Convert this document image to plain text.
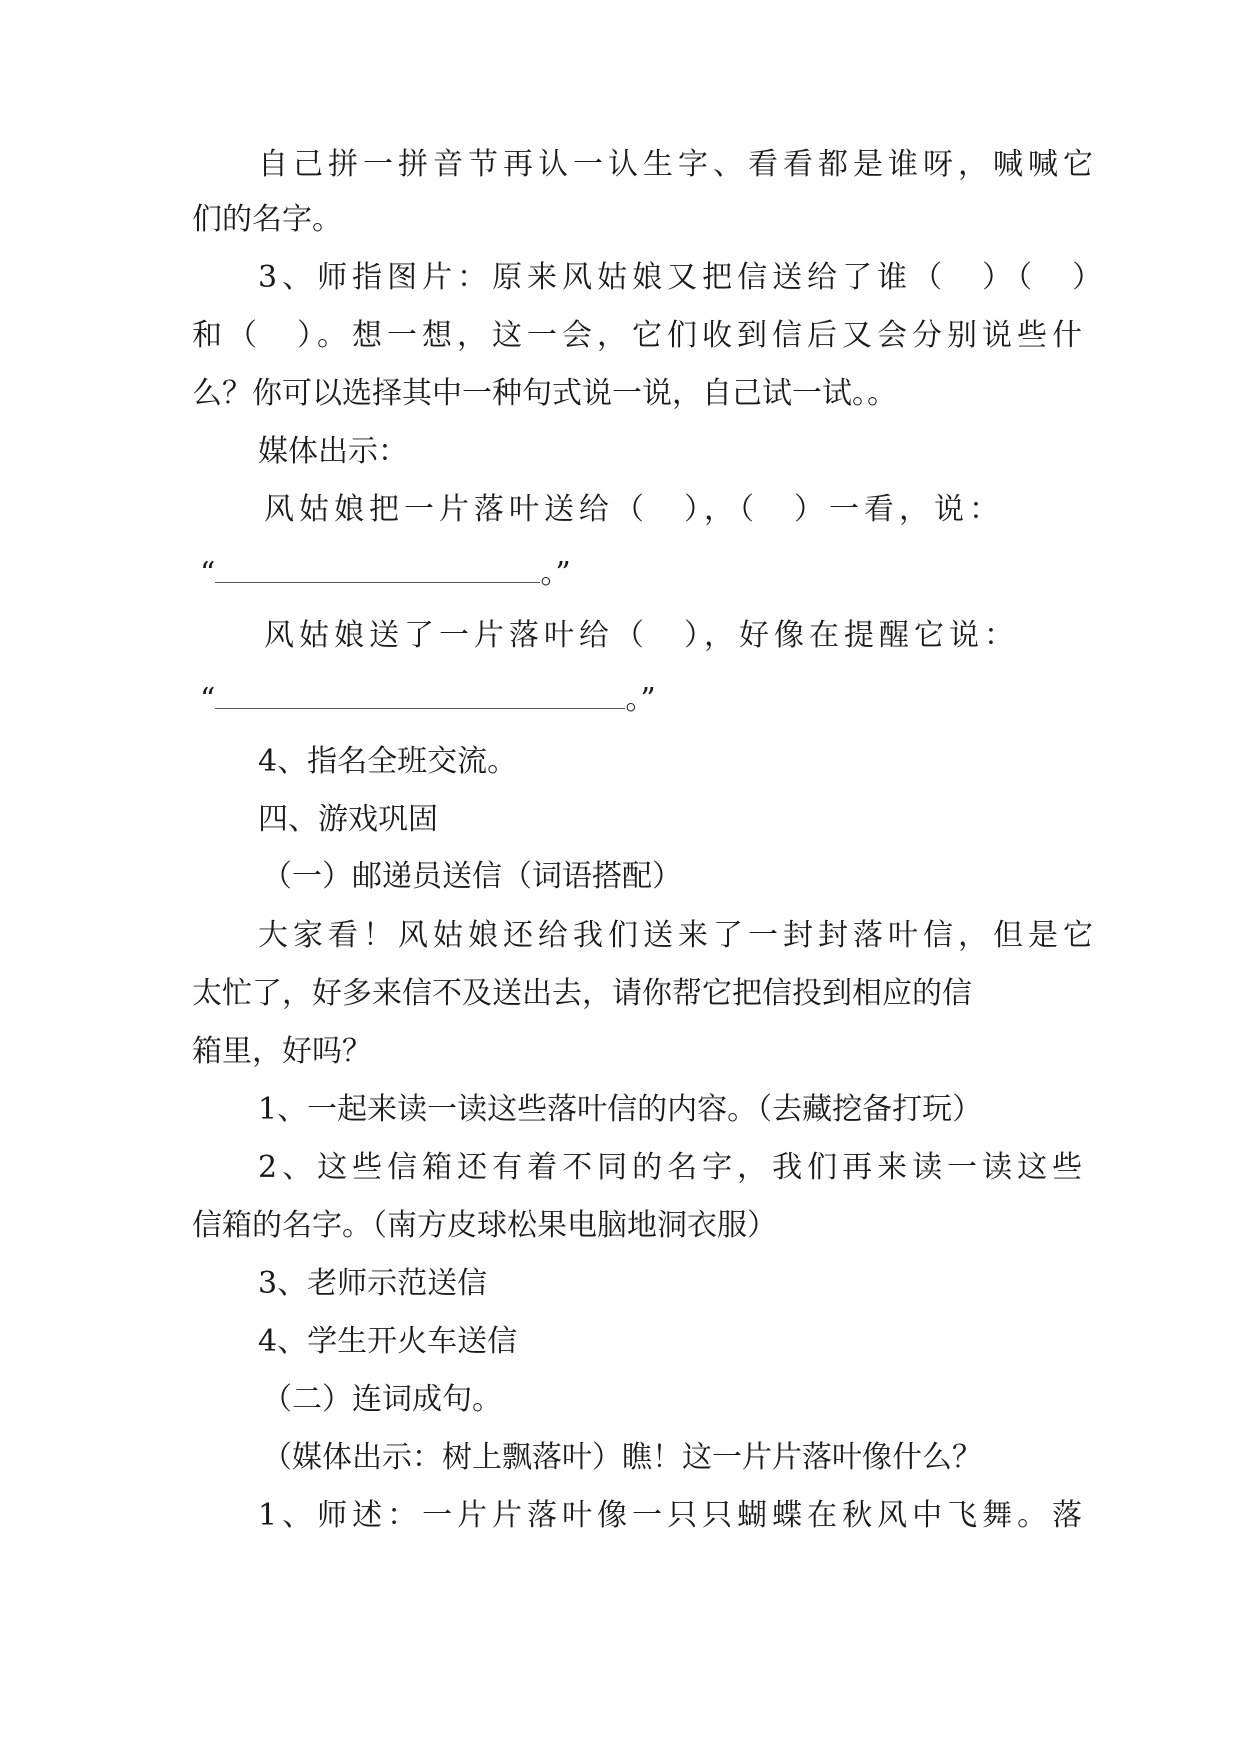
自己拼一拼音节再认一认生字、看看都是谁呀，喊喊它
们的名字。
3、师指图片：原来风姑娘又把信送给了谁（　）（　）
和（　）。想一想，这一会，它们收到信后又会分别说些什
么？你可以选择其中一种句式说一说，自己试一试。。
媒体出示：
风姑娘把一片落叶送给（　），（　）一看，说：
“	。”
风姑娘送了一片落叶给（　），好像在提醒它说：
“	。”
4、指名全班交流。
四、游戏巩固
（一）邮递员送信（词语搭配）
大家看！风姑娘还给我们送来了一封封落叶信，但是它
太忙了，好多来信不及送出去，请你帮它把信投到相应的信
箱里，好吗？
1、一起来读一读这些落叶信的内容。（去藏挖备打玩）
2、这些信箱还有着不同的名字，我们再来读一读这些
信箱的名字。（南方皮球松果电脑地洞衣服）
3、老师示范送信
4、学生开火车送信
（二）连词成句。
（媒体出示：树上飘落叶）瞧！这一片片落叶像什么？
1、师述：一片片落叶像一只只蝴蝶在秋风中飞舞。落
